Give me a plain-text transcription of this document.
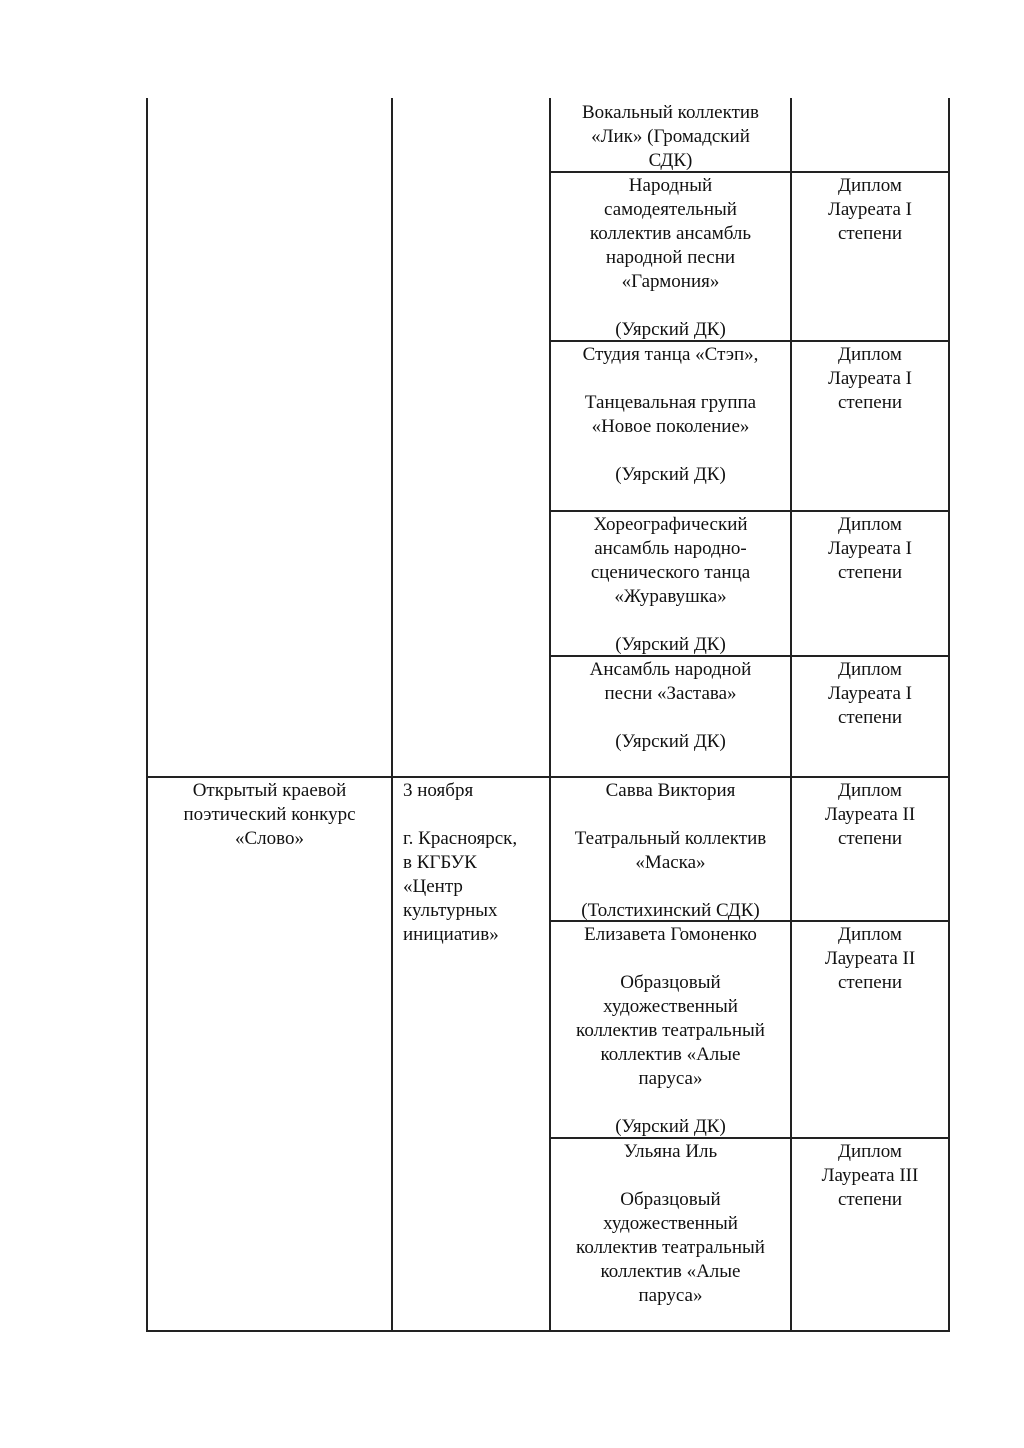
Вокальный коллектив
«Лик» (Громадский
СДК)

Народный
самодеятельный
коллектив ансамбль
народной песни
«Гармония»

(Уярский ДК)

Диплом
Лауреата I
степени

Студия танца «Стэп»,

Танцевальная группа
«Новое поколение»

(Уярский ДК)

Диплом
Лауреата I
степени

Хореографический
ансамбль народно-
сценического танца
«Журавушка»

(Уярский ДК)

Диплом
Лауреата I
степени

Ансамбль народной
песни «Застава»

(Уярский ДК)

Диплом
Лауреата I
степени

Открытый краевой
поэтический конкурс
«Слово»

3 ноября

г. Красноярск,
в КГБУК
«Центр
культурных
инициатив»

Савва Виктория

Театральный коллектив
«Маска»

(Толстихинский СДК)

Диплом
Лауреата II
степени

Елизавета Гомоненко

Образцовый
художественный
коллектив театральный
коллектив «Алые
паруса»

(Уярский ДК)

Диплом
Лауреата II
степени

Ульяна Иль

Образцовый
художественный
коллектив театральный
коллектив «Алые
паруса»

Диплом
Лауреата III
степени
